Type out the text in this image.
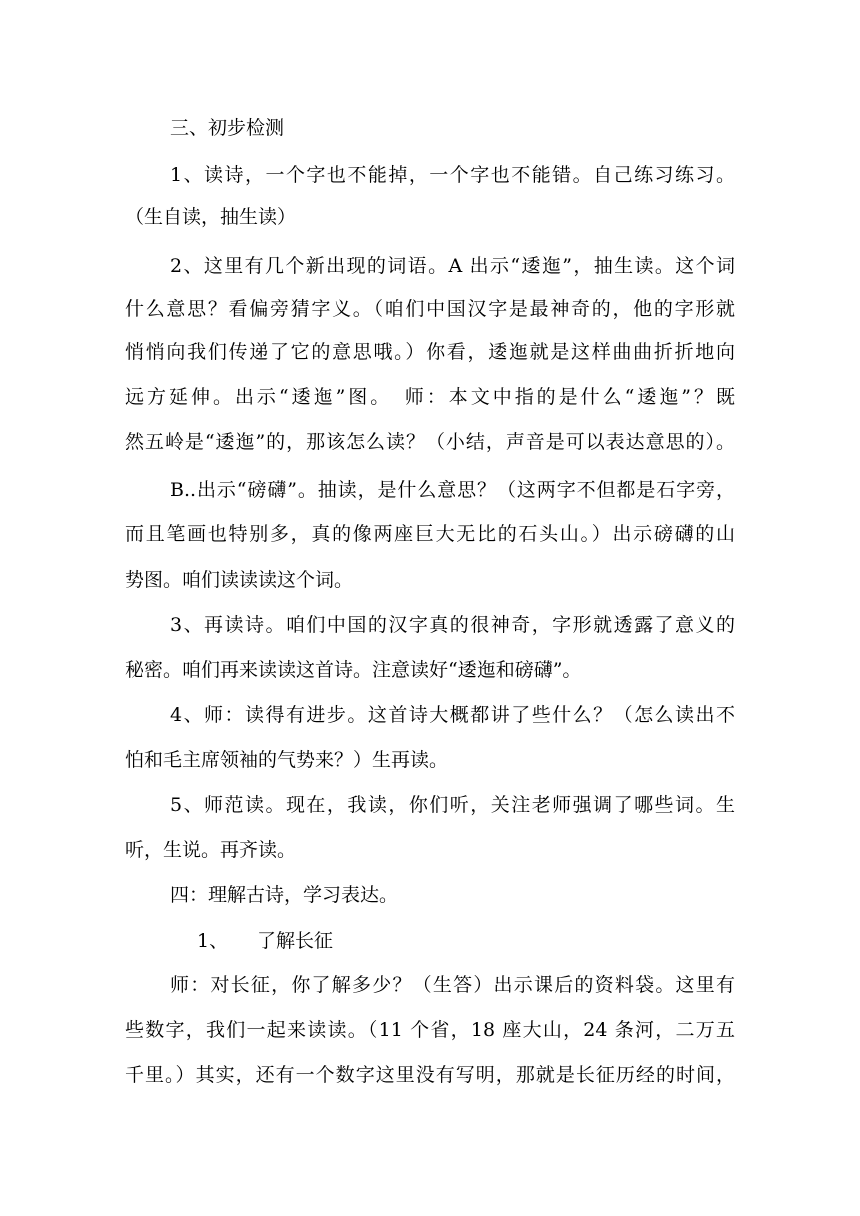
三、初步检测
1、读诗，一个字也不能掉，一个字也不能错。自己练习练习。
（生自读，抽生读）
2、这里有几个新出现的词语。A 出示“逶迤”，抽生读。这个词
什么意思？看偏旁猜字义。（咱们中国汉字是最神奇的，他的字形就
悄悄向我们传递了它的意思哦。）你看，逶迤就是这样曲曲折折地向
远方延伸。出示“逶迤”图。　师：本文中指的是什么“逶迤”？既
然五岭是“逶迤”的，那该怎么读？（小结，声音是可以表达意思的）。
B..出示“磅礴”。抽读，是什么意思？（这两字不但都是石字旁，
而且笔画也特别多，真的像两座巨大无比的石头山。）出示磅礴的山
势图。咱们读读读这个词。
3、再读诗。咱们中国的汉字真的很神奇，字形就透露了意义的
秘密。咱们再来读读这首诗。注意读好“逶迤和磅礴”。
4、师：读得有进步。这首诗大概都讲了些什么？（怎么读出不
怕和毛主席领袖的气势来？）生再读。
5、师范读。现在，我读，你们听，关注老师强调了哪些词。生
听，生说。再齐读。
四：理解古诗，学习表达。
1、	了解长征
师：对长征，你了解多少？（生答）出示课后的资料袋。这里有
些数字，我们一起来读读。（11 个省，18 座大山，24 条河，二万五
千里。）其实，还有一个数字这里没有写明，那就是长征历经的时间，
